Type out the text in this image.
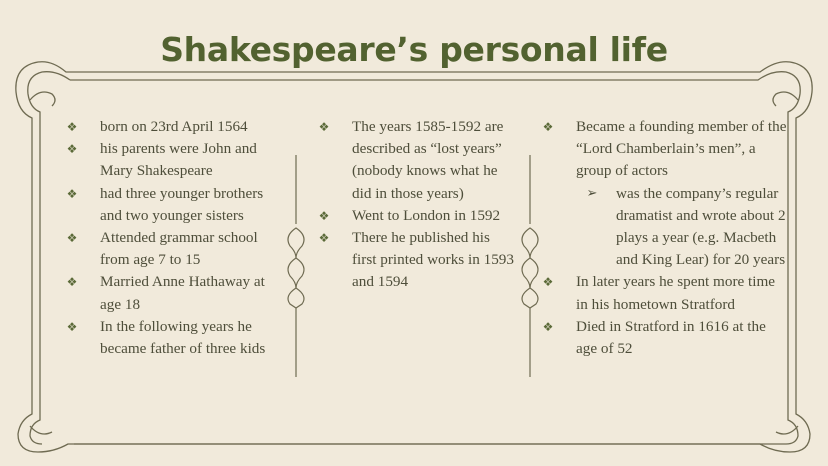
Shakespeare’s personal life
❖ born on 23rd April 1564
❖ his parents were John and Mary Shakespeare
❖ had three younger brothers and two younger sisters
❖ Attended grammar school from age 7 to 15
❖ Married Anne Hathaway at age 18
❖ In the following years he became father of three kids
❖ The years 1585-1592 are described as “lost years” (nobody knows what he did in those years)
❖ Went to London in 1592
❖ There he published his first printed works in 1593 and 1594
❖ Became a founding member of the “Lord Chamberlain’s men”, a group of actors
➢ was the company’s regular dramatist and wrote about 2 plays a year (e.g. Macbeth and King Lear) for 20 years
❖ In later years he spent more time in his hometown Stratford
❖ Died in Stratford in 1616 at the age of 52
